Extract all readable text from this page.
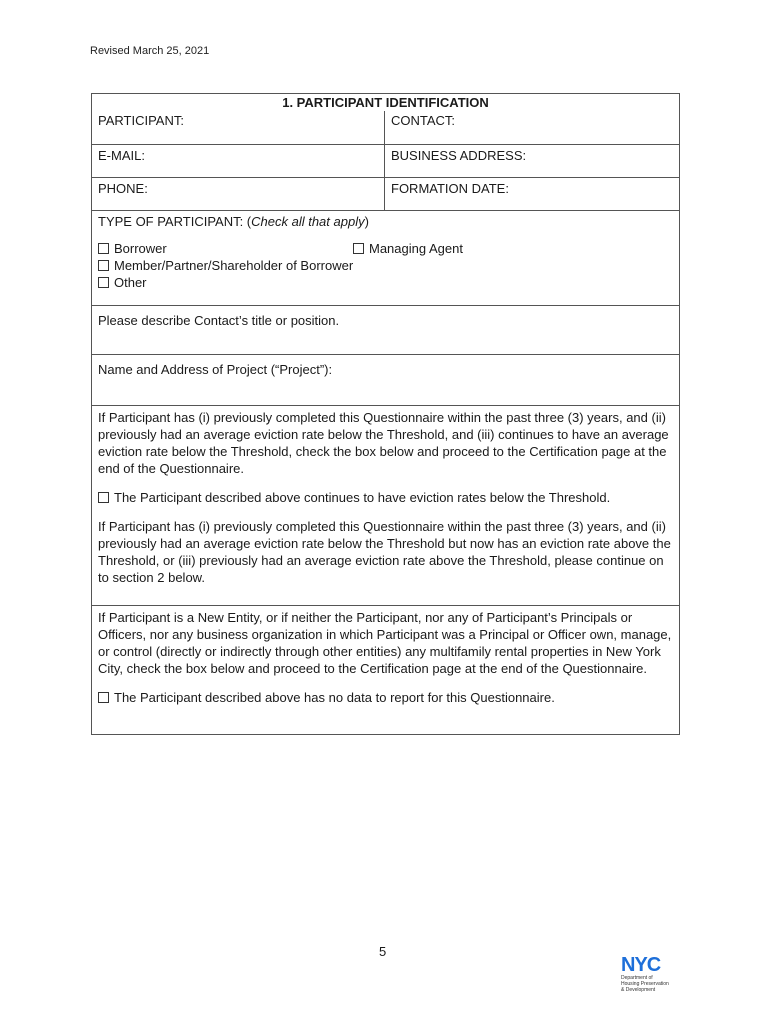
Revised March 25, 2021
1. PARTICIPANT IDENTIFICATION
PARTICIPANT:	CONTACT:
E-MAIL:	BUSINESS ADDRESS:
PHONE:	FORMATION DATE:
TYPE OF PARTICIPANT: (Check all that apply)
Borrower	Managing Agent
Member/Partner/Shareholder of Borrower
Other
Please describe Contact’s title or position.
Name and Address of Project (“Project”):

If Participant has (i) previously completed this Questionnaire within the past three (3) years, and (ii) previously had an average eviction rate below the Threshold, and (iii) continues to have an average eviction rate below the Threshold, check the box below and proceed to the Certification page at the end of the Questionnaire.

The Participant described above continues to have eviction rates below the Threshold.

If Participant has (i) previously completed this Questionnaire within the past three (3) years, and (ii) previously had an average eviction rate below the Threshold but now has an eviction rate above the Threshold, or (iii) previously had an average eviction rate above the Threshold, please continue on to section 2 below.

If Participant is a New Entity, or if neither the Participant, nor any of Participant’s Principals or Officers, nor any business organization in which Participant was a Principal or Officer own, manage, or control (directly or indirectly through other entities) any multifamily rental properties in New York City, check the box below and proceed to the Certification page at the end of the Questionnaire.

The Participant described above has no data to report for this Questionnaire.

5
NYC
Department of
Housing Preservation
& Development
